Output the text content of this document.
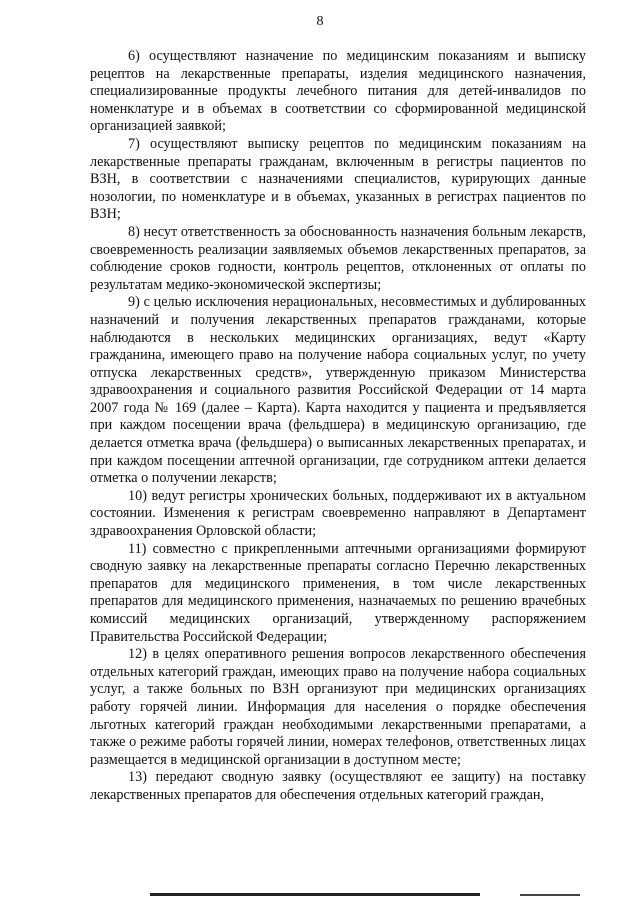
8

6) осуществляют назначение по медицинским показаниям и выписку рецептов на лекарственные препараты, изделия медицинского назначения, специализированные продукты лечебного питания для детей-инвалидов по номенклатуре и в объемах в соответствии со сформированной медицинской организацией заявкой;

7) осуществляют выписку рецептов по медицинским показаниям на лекарственные препараты гражданам, включенным в регистры пациентов по ВЗН, в соответствии с назначениями специалистов, курирующих данные нозологии, по номенклатуре и в объемах, указанных в регистрах пациентов по ВЗН;

8) несут ответственность за обоснованность назначения больным лекарств, своевременность реализации заявляемых объемов лекарственных препаратов, за соблюдение сроков годности, контроль рецептов, отклоненных от оплаты по результатам медико-экономической экспертизы;

9) с целью исключения нерациональных, несовместимых и дублированных назначений и получения лекарственных препаратов гражданами, которые наблюдаются в нескольких медицинских организациях, ведут «Карту гражданина, имеющего право на получение набора социальных услуг, по учету отпуска лекарственных средств», утвержденную приказом Министерства здравоохранения и социального развития Российской Федерации от 14 марта 2007 года № 169 (далее – Карта). Карта находится у пациента и предъявляется при каждом посещении врача (фельдшера) в медицинскую организацию, где делается отметка врача (фельдшера) о выписанных лекарственных препаратах, и при каждом посещении аптечной организации, где сотрудником аптеки делается отметка о получении лекарств;

10) ведут регистры хронических больных, поддерживают их в актуальном состоянии. Изменения к регистрам своевременно направляют в Департамент здравоохранения Орловской области;

11) совместно с прикрепленными аптечными организациями формируют сводную заявку на лекарственные препараты согласно Перечню лекарственных препаратов для медицинского применения, в том числе лекарственных препаратов для медицинского применения, назначаемых по решению врачебных комиссий медицинских организаций, утвержденному распоряжением Правительства Российской Федерации;

12) в целях оперативного решения вопросов лекарственного обеспечения отдельных категорий граждан, имеющих право на получение набора социальных услуг, а также больных по ВЗН организуют при медицинских организациях работу горячей линии. Информация для населения о порядке обеспечения льготных категорий граждан необходимыми лекарственными препаратами, а также о режиме работы горячей линии, номерах телефонов, ответственных лицах размещается в медицинской организации в доступном месте;

13) передают сводную заявку (осуществляют ее защиту) на поставку лекарственных препаратов для обеспечения отдельных категорий граждан,
